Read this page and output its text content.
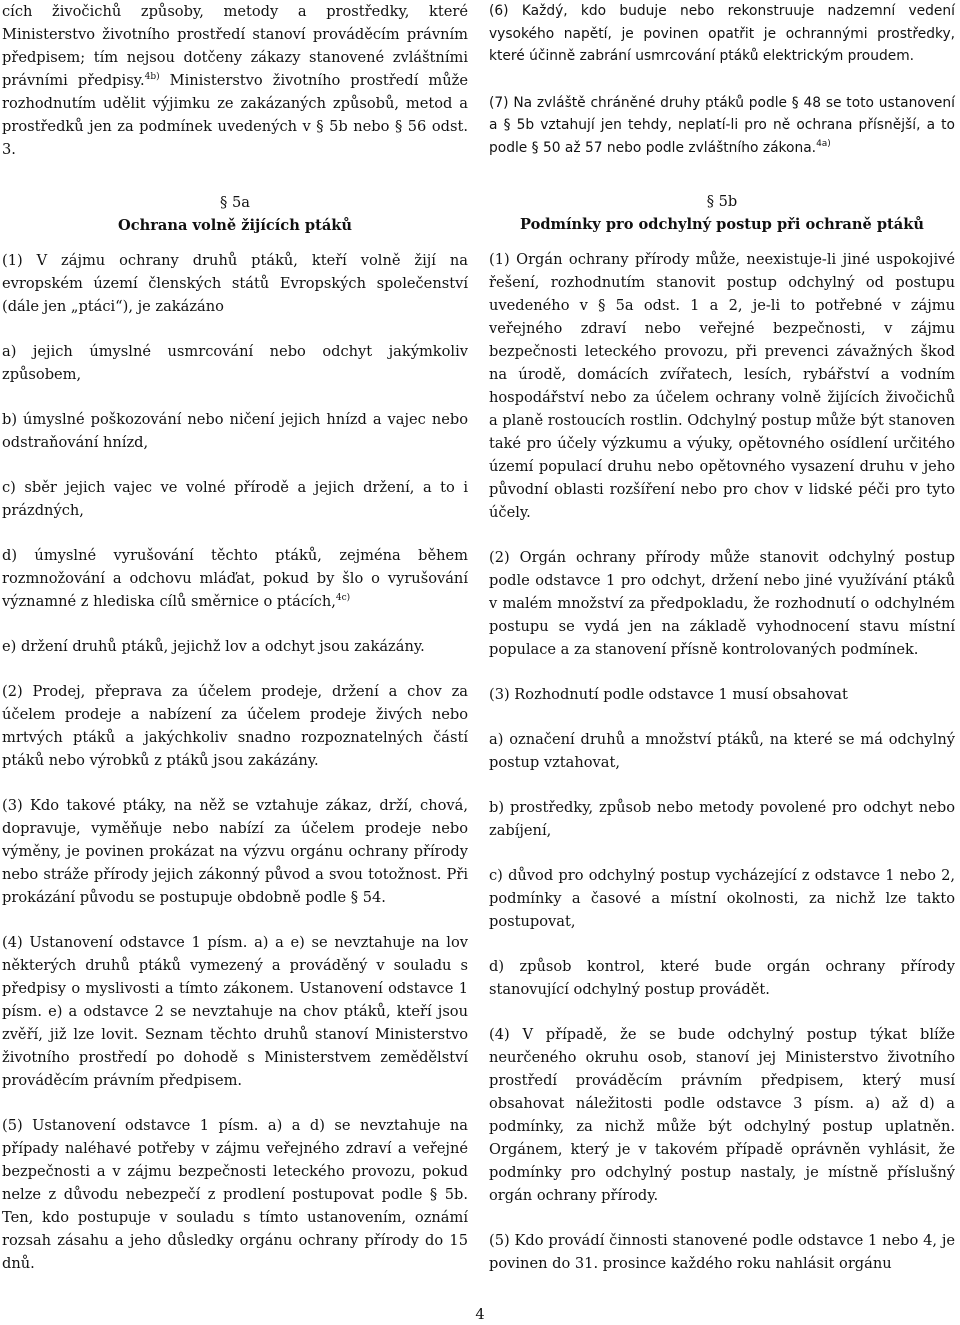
cích živočichů způsoby, metody a prostředky, které Ministerstvo životního prostředí stanoví prováděcím právním předpisem; tím nejsou dotčeny zákazy stanovené zvláštními právními předpisy.$^{4b)}$ Ministerstvo životního prostředí může rozhodnutím udělit výjimku ze zakázaných způsobů, metod a prostředků jen za podmínek uvedených v § 5b nebo § 56 odst. 3.

§ 5a

Ochrana volně žijících ptáků

(1) V zájmu ochrany druhů ptáků, kteří volně žijí na evropském území členských států Evropských společenství (dále jen „ptáci“), je zakázáno

a) jejich úmyslné usmrcování nebo odchyt jakýmkoliv způsobem,

b) úmyslné poškozování nebo ničení jejich hnízd a vajec nebo odstraňování hnízd,

c) sběr jejich vajec ve volné přírodě a jejich držení, a to i prázdných,

d) úmyslné vyrušování těchto ptáků, zejména během rozmnožování a odchovu mláďat, pokud by šlo o vyrušování významné z hlediska cílů směrnice o ptácích,$^{4c)}$

e) držení druhů ptáků, jejichž lov a odchyt jsou zakázány.

(2) Prodej, přeprava za účelem prodeje, držení a chov za účelem prodeje a nabízení za účelem prodeje živých nebo mrtvých ptáků a jakýchkoliv snadno rozpoznatelných částí ptáků nebo výrobků z ptáků jsou zakázány.

(3) Kdo takové ptáky, na něž se vztahuje zákaz, drží, chová, dopravuje, vyměňuje nebo nabízí za účelem prodeje nebo výměny, je povinen prokázat na výzvu orgánu ochrany přírody nebo stráže přírody jejich zákonný původ a svou totožnost. Při prokázání původu se postupuje obdobně podle § 54.

(4) Ustanovení odstavce 1 písm. a) a e) se nevztahuje na lov některých druhů ptáků vymezený a prováděný v souladu s předpisy o myslivosti a tímto zákonem. Ustanovení odstavce 1 písm. e) a odstavce 2 se nevztahuje na chov ptáků, kteří jsou zvěří, již lze lovit. Seznam těchto druhů stanoví Ministerstvo životního prostředí po dohodě s Ministerstvem zemědělství prováděcím právním předpisem.

(5) Ustanovení odstavce 1 písm. a) a d) se nevztahuje na případy naléhavé potřeby v zájmu veřejného zdraví a veřejné bezpečnosti a v zájmu bezpečnosti leteckého provozu, pokud nelze z důvodu nebezpečí z prodlení postupovat podle § 5b. Ten, kdo postupuje v souladu s tímto ustanovením, oznámí rozsah zásahu a jeho důsledky orgánu ochrany přírody do 15 dnů.

(6) Každý, kdo buduje nebo rekonstruuje nadzemní vedení vysokého napětí, je povinen opatřit je ochrannými prostředky, které účinně zabrání usmrcování ptáků elektrickým proudem.

(7) Na zvláště chráněné druhy ptáků podle § 48 se toto ustanovení a § 5b vztahují jen tehdy, neplatí-li pro ně ochrana přísnější, a to podle § 50 až 57 nebo podle zvláštního zákona.$^{4a)}$

§ 5b

Podmínky pro odchylný postup při ochraně ptáků

(1) Orgán ochrany přírody může, neexistuje-li jiné uspokojivé řešení, rozhodnutím stanovit postup odchylný od postupu uvedeného v § 5a odst. 1 a 2, je-li to potřebné v zájmu veřejného zdraví nebo veřejné bezpečnosti, v zájmu bezpečnosti leteckého provozu, při prevenci závažných škod na úrodě, domácích zvířatech, lesích, rybářství a vodním hospodářství nebo za účelem ochrany volně žijících živočichů a planě rostoucích rostlin. Odchylný postup může být stanoven také pro účely výzkumu a výuky, opětovného osídlení určitého území populací druhu nebo opětovného vysazení druhu v jeho původní oblasti rozšíření nebo pro chov v lidské péči pro tyto účely.

(2) Orgán ochrany přírody může stanovit odchylný postup podle odstavce 1 pro odchyt, držení nebo jiné využívání ptáků v malém množství za předpokladu, že rozhodnutí o odchylném postupu se vydá jen na základě vyhodnocení stavu místní populace a za stanovení přísně kontrolovaných podmínek.

(3) Rozhodnutí podle odstavce 1 musí obsahovat

a) označení druhů a množství ptáků, na které se má odchylný postup vztahovat,

b) prostředky, způsob nebo metody povolené pro odchyt nebo zabíjení,

c) důvod pro odchylný postup vycházející z odstavce 1 nebo 2, podmínky a časové a místní okolnosti, za nichž lze takto postupovat,

d) způsob kontrol, které bude orgán ochrany přírody stanovující odchylný postup provádět.

(4) V případě, že se bude odchylný postup týkat blíže neurčeného okruhu osob, stanoví jej Ministerstvo životního prostředí prováděcím právním předpisem, který musí obsahovat náležitosti podle odstavce 3 písm. a) až d) a podmínky, za nichž může být odchylný postup uplatněn. Orgánem, který je v takovém případě oprávněn vyhlásit, že podmínky pro odchylný postup nastaly, je místně příslušný orgán ochrany přírody.

(5) Kdo provádí činnosti stanovené podle odstavce 1 nebo 4, je povinen do 31. prosince každého roku nahlásit orgánu

4
